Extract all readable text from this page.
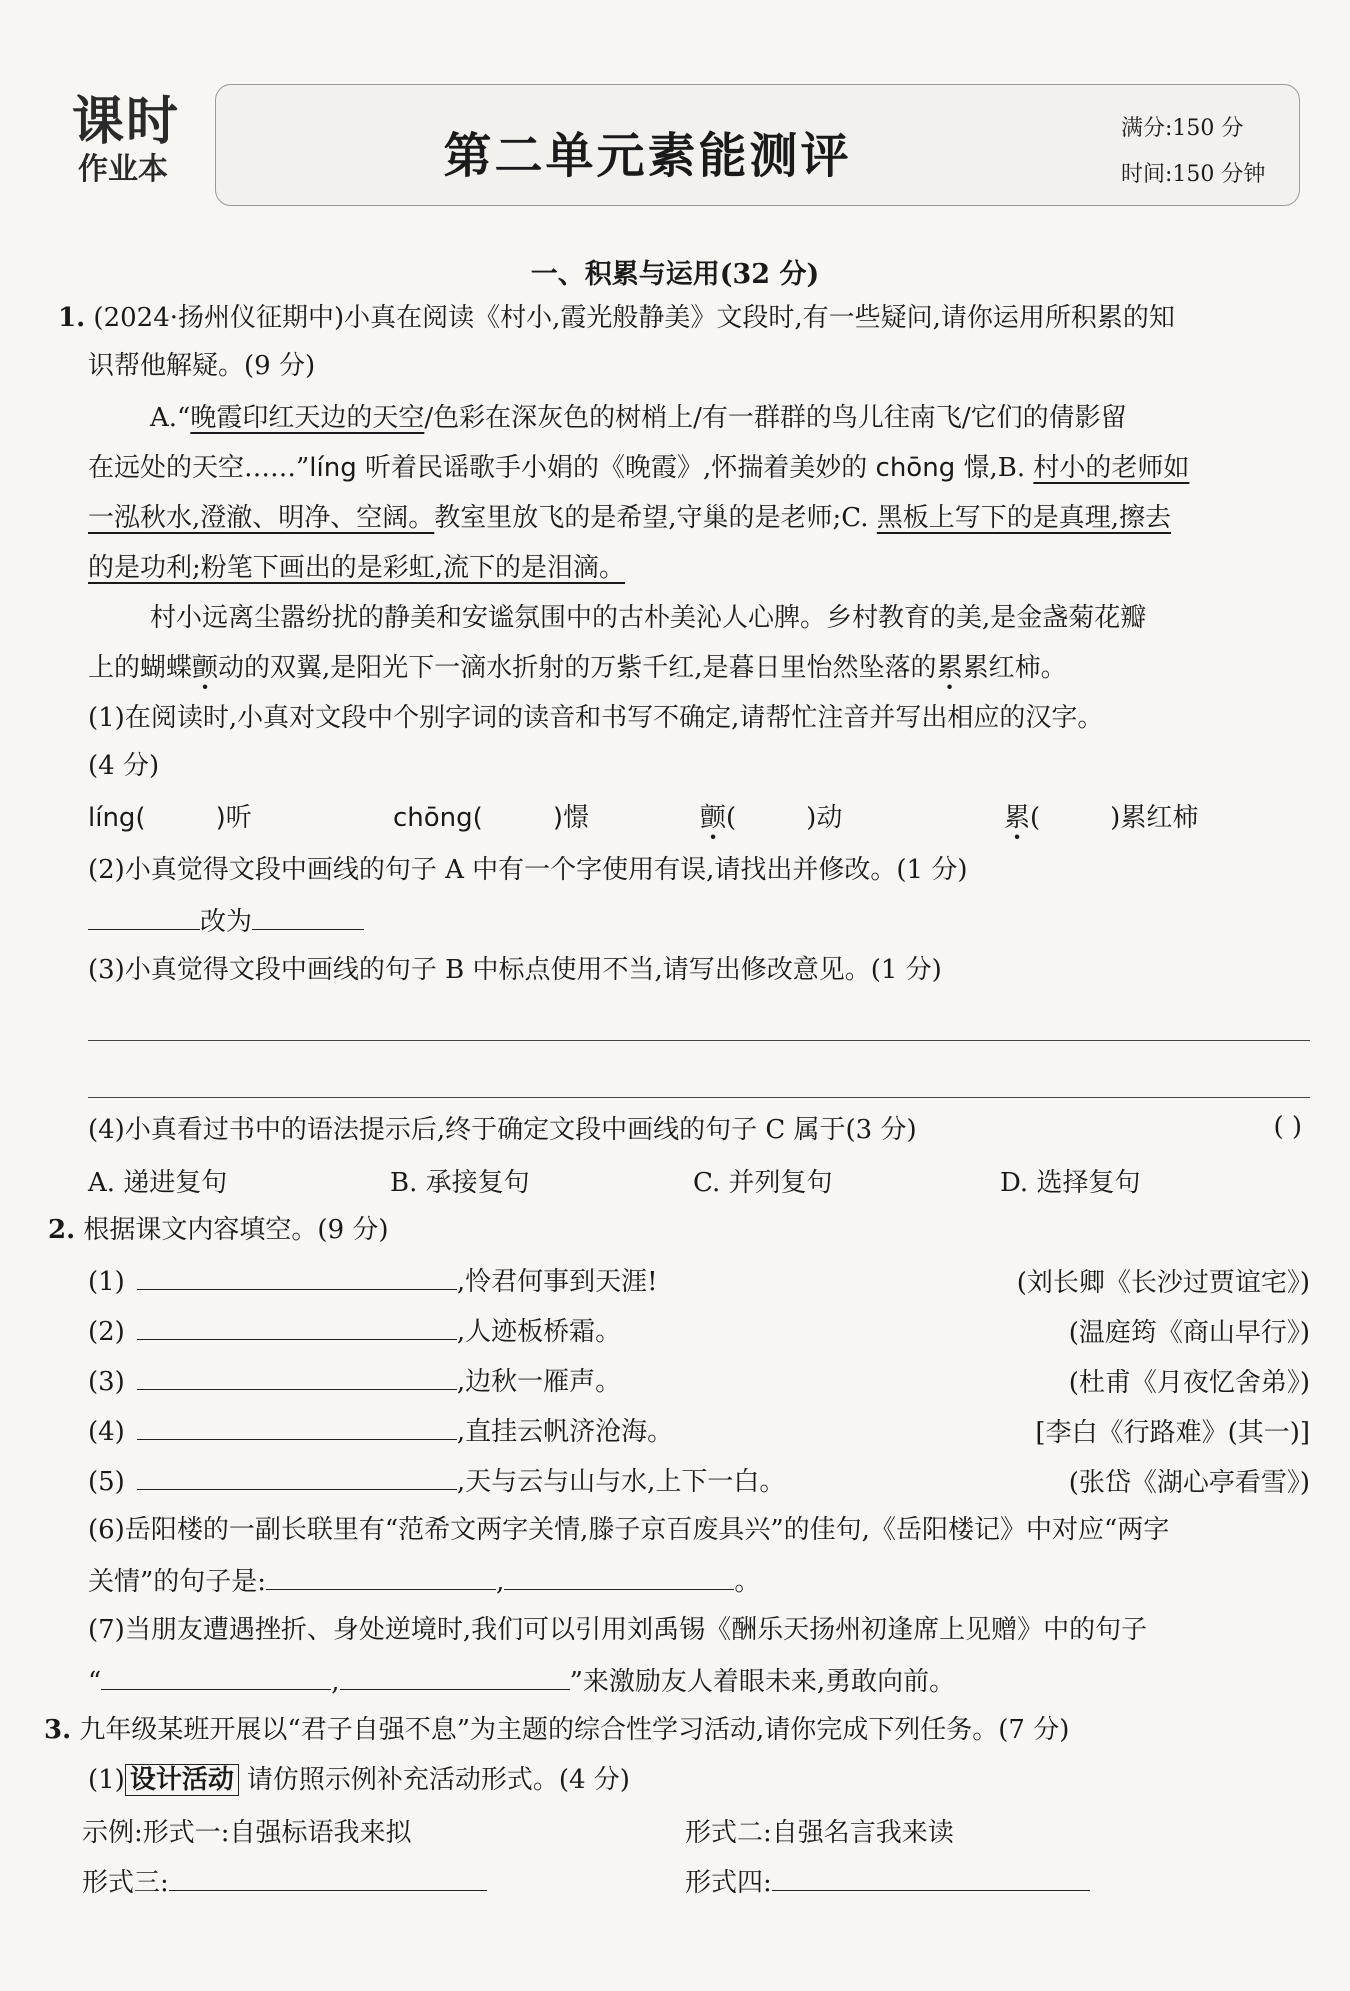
课时
作业本	第二单元素能测评	满分:150 分
时间:150 分钟
一、积累与运用(32 分)
1. (2024·扬州仪征期中)小真在阅读《村小,霞光般静美》文段时,有一些疑问,请你运用所积累的知
识帮他解疑。(9 分)
A.“晚霞印红天边的天空/色彩在深灰色的树梢上/有一群群的鸟儿往南飞/它们的倩影留
在远处的天空……”líng 听着民谣歌手小娟的《晚霞》,怀揣着美妙的 chōng 憬,B. 村小的老师如
一泓秋水,澄澈、明净、空阔。教室里放飞的是希望,守巢的是老师;C. 黑板上写下的是真理,擦去
的是功利;粉笔下画出的是彩虹,流下的是泪滴。
村小远离尘嚣纷扰的静美和安谧氛围中的古朴美沁人心脾。乡村教育的美,是金盏菊花瓣
上的蝴蝶颤动的双翼,是阳光下一滴水折射的万紫千红,是暮日里怡然坠落的累累红柿。
(1)在阅读时,小真对文段中个别字词的读音和书写不确定,请帮忙注音并写出相应的汉字。
(4 分)
líng(	)听	chōng(	)憬	颤(	)动	累(	)累红柿
(2)小真觉得文段中画线的句子 A 中有一个字使用有误,请找出并修改。(1 分)
改为
(3)小真觉得文段中画线的句子 B 中标点使用不当,请写出修改意见。(1 分)
(4)小真看过书中的语法提示后,终于确定文段中画线的句子 C 属于(3 分)	( )
A. 递进复句	B. 承接复句	C. 并列复句	D. 选择复句
2. 根据课文内容填空。(9 分)
(1)	,怜君何事到天涯!	(刘长卿《长沙过贾谊宅》)
(2)	,人迹板桥霜。	(温庭筠《商山早行》)
(3)	,边秋一雁声。	(杜甫《月夜忆舍弟》)
(4)	,直挂云帆济沧海。	[李白《行路难》(其一)]
(5)	,天与云与山与水,上下一白。	(张岱《湖心亭看雪》)
(6)岳阳楼的一副长联里有“范希文两字关情,滕子京百废具兴”的佳句,《岳阳楼记》中对应“两字
关情”的句子是:	,	。
(7)当朋友遭遇挫折、身处逆境时,我们可以引用刘禹锡《酬乐天扬州初逢席上见赠》中的句子
“	,	”来激励友人着眼未来,勇敢向前。
3. 九年级某班开展以“君子自强不息”为主题的综合性学习活动,请你完成下列任务。(7 分)
(1) 设计活动 请仿照示例补充活动形式。(4 分)
示例:形式一:自强标语我来拟	形式二:自强名言我来读
形式三:	形式四:
